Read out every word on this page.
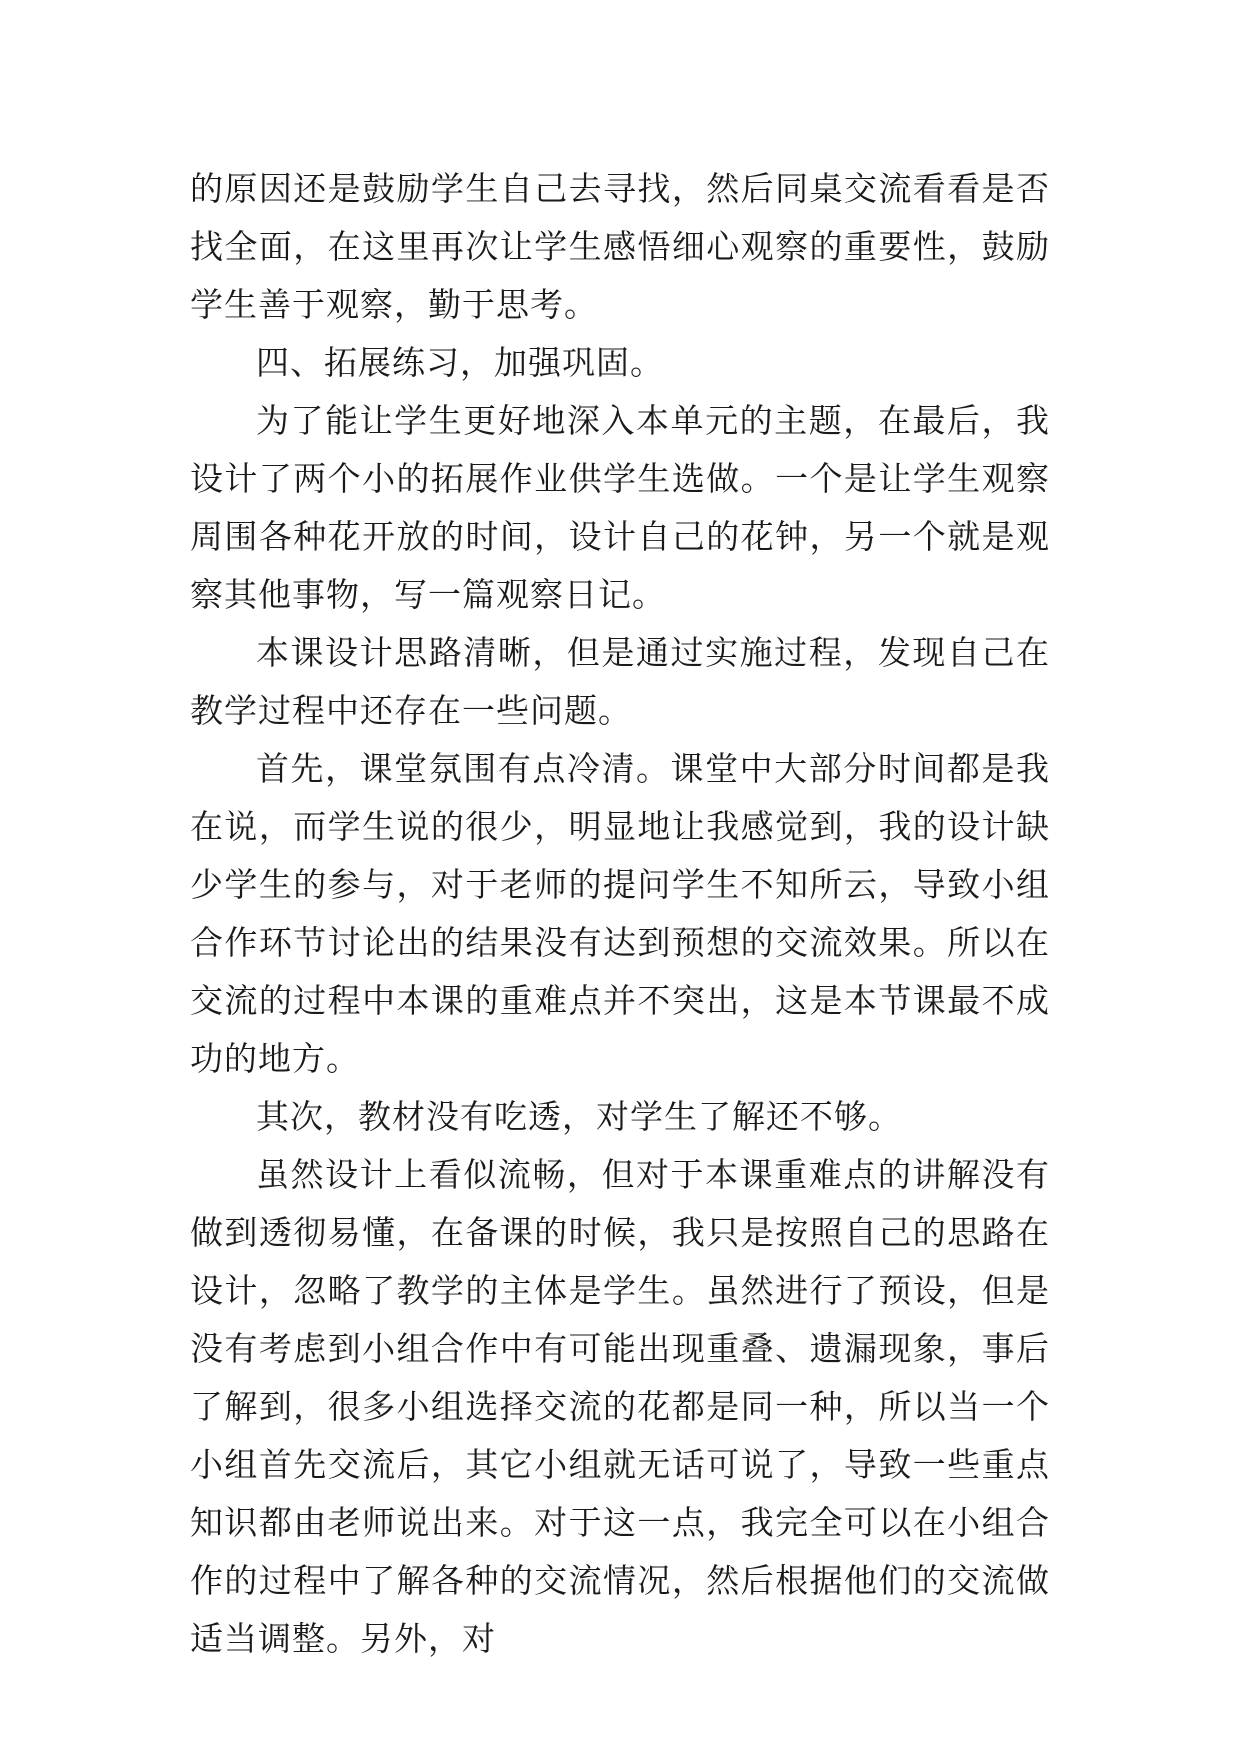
的原因还是鼓励学生自己去寻找，然后同桌交流看看是否找全面，在这里再次让学生感悟细心观察的重要性，鼓励学生善于观察，勤于思考。

四、拓展练习，加强巩固。

为了能让学生更好地深入本单元的主题，在最后，我设计了两个小的拓展作业供学生选做。一个是让学生观察周围各种花开放的时间，设计自己的花钟，另一个就是观察其他事物，写一篇观察日记。

本课设计思路清晰，但是通过实施过程，发现自己在教学过程中还存在一些问题。

首先，课堂氛围有点冷清。课堂中大部分时间都是我在说，而学生说的很少，明显地让我感觉到，我的设计缺少学生的参与，对于老师的提问学生不知所云，导致小组合作环节讨论出的结果没有达到预想的交流效果。所以在交流的过程中本课的重难点并不突出，这是本节课最不成功的地方。

其次，教材没有吃透，对学生了解还不够。

虽然设计上看似流畅，但对于本课重难点的讲解没有做到透彻易懂，在备课的时候，我只是按照自己的思路在设计，忽略了教学的主体是学生。虽然进行了预设，但是没有考虑到小组合作中有可能出现重叠、遗漏现象，事后了解到，很多小组选择交流的花都是同一种，所以当一个小组首先交流后，其它小组就无话可说了，导致一些重点知识都由老师说出来。对于这一点，我完全可以在小组合作的过程中了解各种的交流情况，然后根据他们的交流做适当调整。另外，对
